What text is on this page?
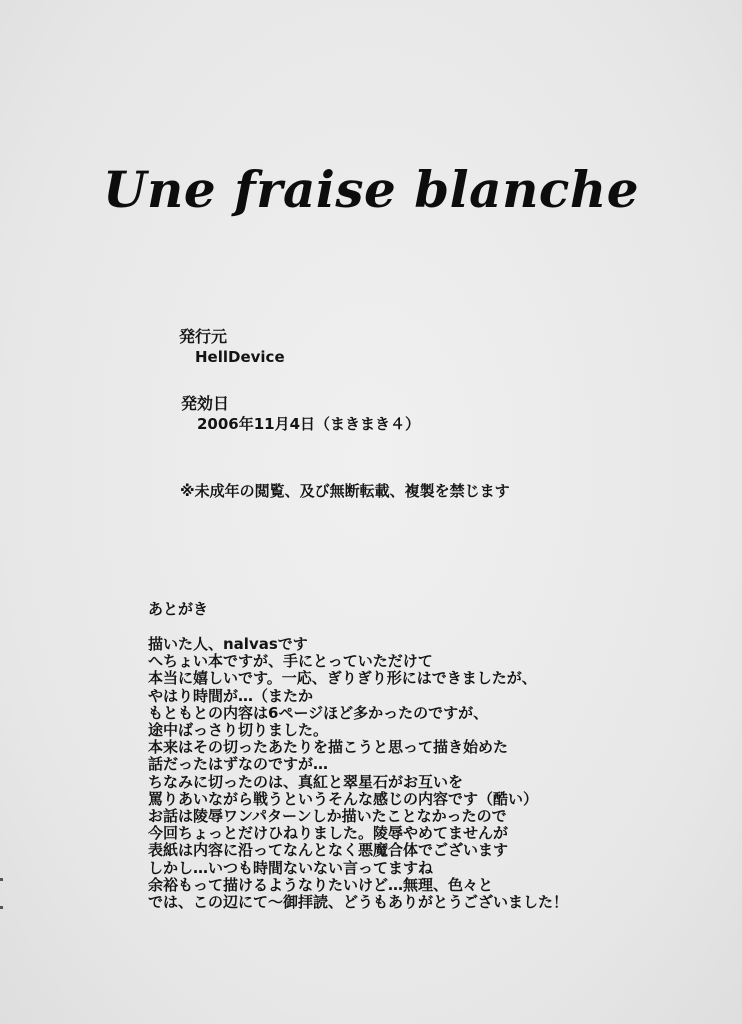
Une fraise blanche
発行元
HellDevice
発効日
2006年11月4日（まきまき４）
※未成年の閲覧、及び無断転載、複製を禁じます
あとがき
描いた人、nalvasです
へちょい本ですが、手にとっていただけて
本当に嬉しいです。一応、ぎりぎり形にはできましたが、
やはり時間が…（またか
もともとの内容は6ページほど多かったのですが、
途中ばっさり切りました。
本来はその切ったあたりを描こうと思って描き始めた
話だったはずなのですが…
ちなみに切ったのは、真紅と翠星石がお互いを
罵りあいながら戦うというそんな感じの内容です（酷い）
お話は陵辱ワンパターンしか描いたことなかったので
今回ちょっとだけひねりました。陵辱やめてませんが
表紙は内容に沿ってなんとなく悪魔合体でございます
しかし…いつも時間ないない言ってますね
余裕もって描けるようなりたいけど…無理、色々と
では、この辺にて〜御拝読、どうもありがとうございました！
